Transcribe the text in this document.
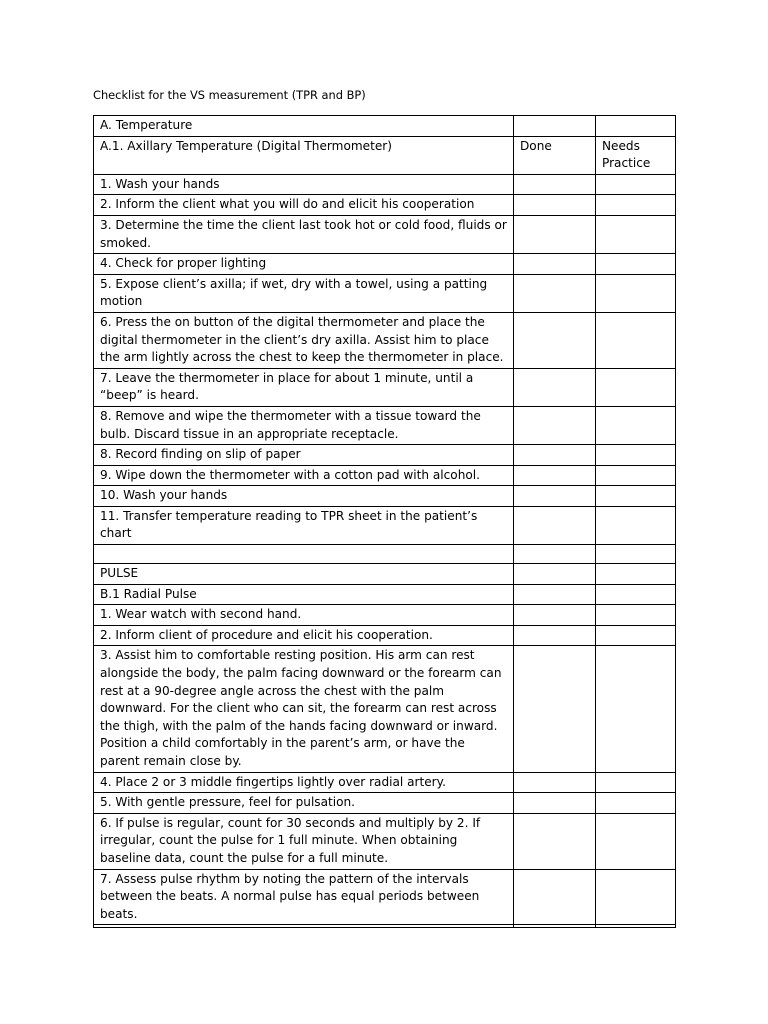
Checklist for the VS measurement (TPR and BP)
A. Temperature		
A.1. Axillary Temperature (Digital Thermometer)	Done	Needs Practice
1. Wash your hands		
2. Inform the client what you will do and elicit his cooperation		
3. Determine the time the client last took hot or cold food, fluids or smoked.		
4. Check for proper lighting		
5. Expose client’s axilla; if wet, dry with a towel, using a patting motion		
6. Press the on button of the digital thermometer and place the digital thermometer in the client’s dry axilla. Assist him to place the arm lightly across the chest to keep the thermometer in place.		
7. Leave the thermometer in place for about 1 minute, until a “beep” is heard.		
8. Remove and wipe the thermometer with a tissue toward the bulb. Discard tissue in an appropriate receptacle.		
8. Record finding on slip of paper		
9. Wipe down the thermometer with a cotton pad with alcohol.		
10. Wash your hands		
11. Transfer temperature reading to TPR sheet in the patient’s chart		

PULSE		
B.1 Radial Pulse		
1. Wear watch with second hand.		
2. Inform client of procedure and elicit his cooperation.		
3. Assist him to comfortable resting position. His arm can rest alongside the body, the palm facing downward or the forearm can rest at a 90-degree angle across the chest with the palm downward. For the client who can sit, the forearm can rest across the thigh, with the palm of the hands facing downward or inward. Position a child comfortably in the parent’s arm, or have the parent remain close by.		
4. Place 2 or 3 middle fingertips lightly over radial artery.		
5. With gentle pressure, feel for pulsation.		
6. If pulse is regular, count for 30 seconds and multiply by 2. If irregular, count the pulse for 1 full minute. When obtaining baseline data, count the pulse for a full minute.		
7. Assess pulse rhythm by noting the pattern of the intervals between the beats. A normal pulse has equal periods between beats.		
